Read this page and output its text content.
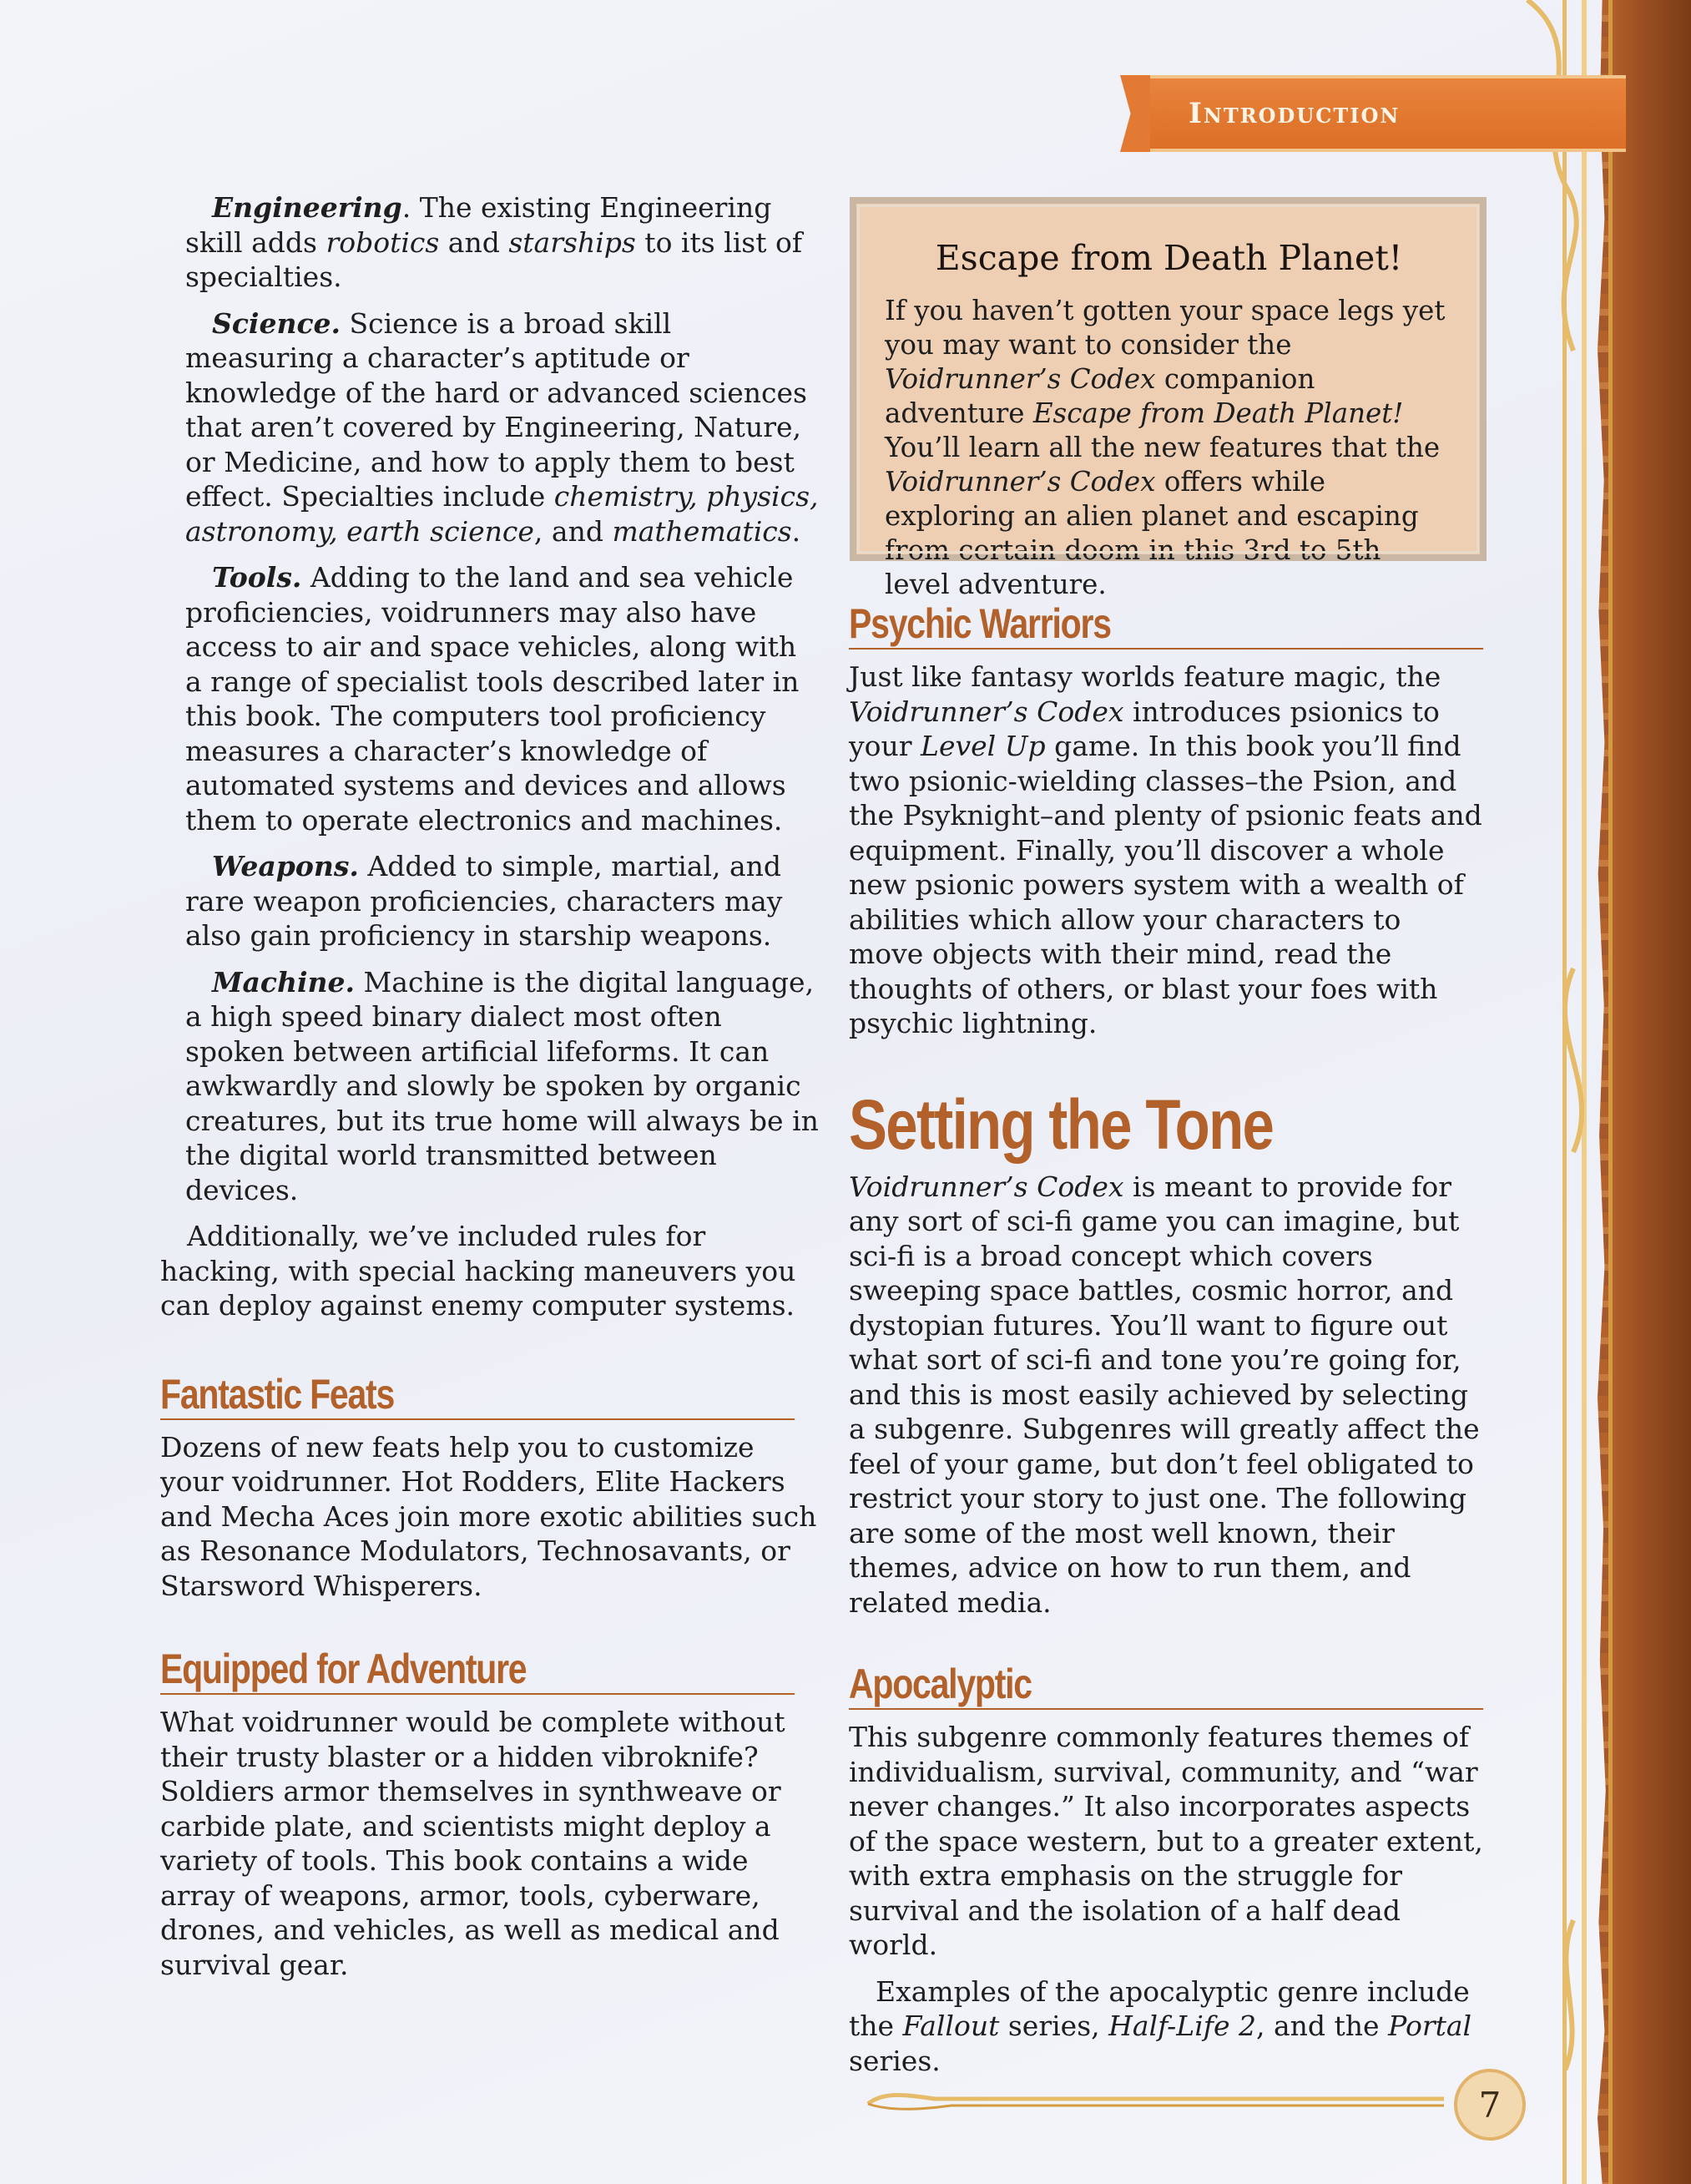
Introduction
7

Engineering. The existing Engineering skill adds robotics and starships to its list of specialties.

Science. Science is a broad skill measuring a character’s aptitude or knowledge of the hard or advanced sciences that aren’t covered by Engineering, Nature, or Medicine, and how to apply them to best effect. Specialties include chemistry, physics, astronomy, earth science, and mathematics.

Tools. Adding to the land and sea vehicle proficiencies, voidrunners may also have access to air and space vehicles, along with a range of specialist tools described later in this book. The computers tool proficiency measures a character’s knowledge of automated systems and devices and allows them to operate electronics and machines.

Weapons. Added to simple, martial, and rare weapon proficiencies, characters may also gain proficiency in starship weapons.

Machine. Machine is the digital language, a high speed binary dialect most often spoken between artificial lifeforms. It can awkwardly and slowly be spoken by organic creatures, but its true home will always be in the digital world transmitted between devices.

Additionally, we’ve included rules for hacking, with special hacking maneuvers you can deploy against enemy computer systems.

Fantastic Feats

Dozens of new feats help you to customize your voidrunner. Hot Rodders, Elite Hackers and Mecha Aces join more exotic abilities such as Resonance Modulators, Technosavants, or Starsword Whisperers.

Equipped for Adventure

What voidrunner would be complete without their trusty blaster or a hidden vibroknife? Soldiers armor themselves in synthweave or carbide plate, and scientists might deploy a variety of tools. This book contains a wide array of weapons, armor, tools, cyberware, drones, and vehicles, as well as medical and survival gear.

Escape from Death Planet!

If you haven’t gotten your space legs yet you may want to consider the Voidrunner’s Codex companion adventure Escape from Death Planet! You’ll learn all the new features that the Voidrunner’s Codex offers while exploring an alien planet and escaping from certain doom in this 3rd to 5th level adventure.

Psychic Warriors

Just like fantasy worlds feature magic, the Voidrunner’s Codex introduces psionics to your Level Up game. In this book you’ll find two psionic-wielding classes–the Psion, and the Psyknight–and plenty of psionic feats and equipment. Finally, you’ll discover a whole new psionic powers system with a wealth of abilities which allow your characters to move objects with their mind, read the thoughts of others, or blast your foes with psychic lightning.

Setting the Tone

Voidrunner’s Codex is meant to provide for any sort of sci-fi game you can imagine, but sci-fi is a broad concept which covers sweeping space battles, cosmic horror, and dystopian futures. You’ll want to figure out what sort of sci-fi and tone you’re going for, and this is most easily achieved by selecting a subgenre. Subgenres will greatly affect the feel of your game, but don’t feel obligated to restrict your story to just one. The following are some of the most well known, their themes, advice on how to run them, and related media.

Apocalyptic

This subgenre commonly features themes of individualism, survival, community, and “war never changes.” It also incorporates aspects of the space western, but to a greater extent, with extra emphasis on the struggle for survival and the isolation of a half dead world.

Examples of the apocalyptic genre include the Fallout series, Half-Life 2, and the Portal series.
